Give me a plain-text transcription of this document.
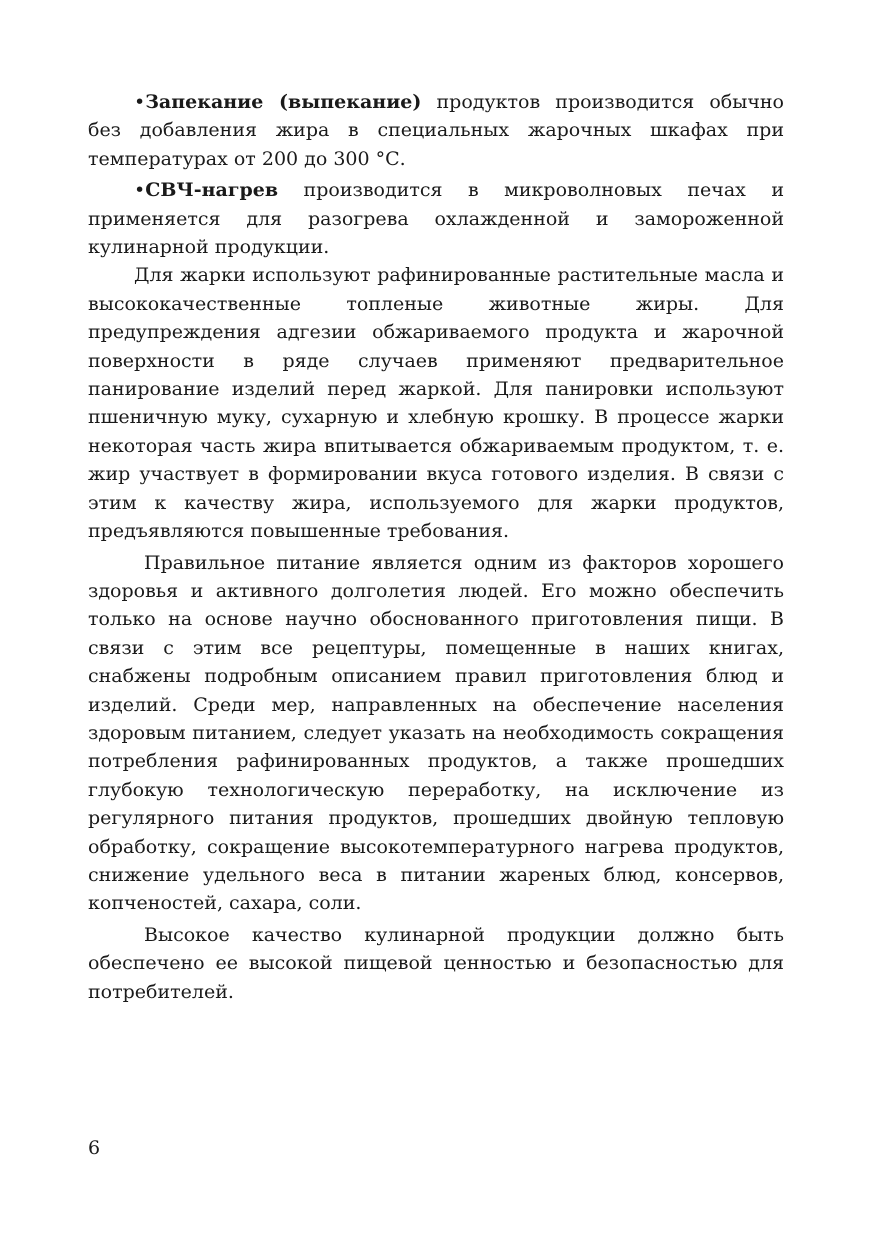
•Запекание (выпекание) продуктов производится обычно без добавления жира в специальных жарочных шкафах при температурах от 200 до 300 °С.

•СВЧ-нагрев производится в микроволновых печах и применяется для разогрева охлажденной и замороженной кулинарной продукции.

Для жарки используют рафинированные растительные масла и высококачественные топленые животные жиры. Для предупреждения адгезии обжариваемого продукта и жарочной поверхности в ряде случаев применяют предварительное панирование изделий перед жаркой. Для панировки используют пшеничную муку, сухарную и хлебную крошку. В процессе жарки некоторая часть жира впитывается обжариваемым продуктом, т. е. жир участвует в формировании вкуса готового изделия. В связи с этим к качеству жира, используемого для жарки продуктов, предъявляются повышенные требования.

Правильное питание является одним из факторов хорошего здоровья и активного долголетия людей. Его можно обеспечить только на основе научно обоснованного приготовления пищи. В связи с этим все рецептуры, помещенные в наших книгах, снабжены подробным описанием правил приготовления блюд и изделий. Среди мер, направленных на обеспечение населения здоровым питанием, следует указать на необходимость сокращения потребления рафинированных продуктов, а также прошедших глубокую технологическую переработку, на исключение из регулярного питания продуктов, прошедших двойную тепловую обработку, сокращение высокотемпературного нагрева продуктов, снижение удельного веса в питании жареных блюд, консервов, копченостей, сахара, соли.

Высокое качество кулинарной продукции должно быть обеспечено ее высокой пищевой ценностью и безопасностью для потребителей.

6
